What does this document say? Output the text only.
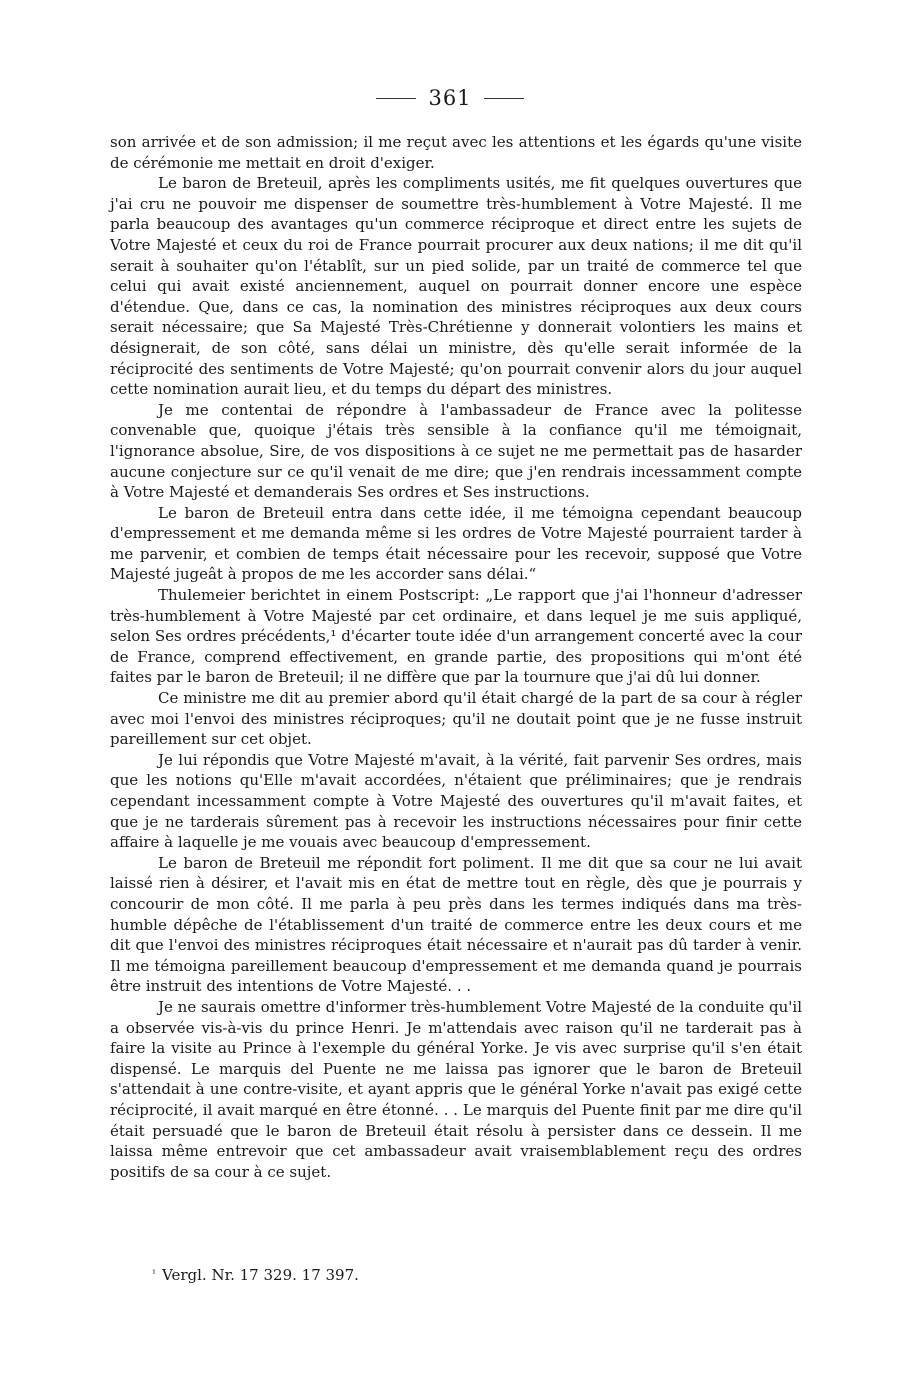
361

son arrivée et de son admission; il me reçut avec les attentions et les égards qu'une visite de cérémonie me mettait en droit d'exiger.

Le baron de Breteuil, après les compliments usités, me fit quelques ouvertures que j'ai cru ne pouvoir me dispenser de soumettre très-humblement à Votre Majesté. Il me parla beaucoup des avantages qu'un commerce réciproque et direct entre les sujets de Votre Majesté et ceux du roi de France pourrait procurer aux deux nations; il me dit qu'il serait à souhaiter qu'on l'établît, sur un pied solide, par un traité de commerce tel que celui qui avait existé anciennement, auquel on pourrait donner encore une espèce d'étendue. Que, dans ce cas, la nomination des ministres réciproques aux deux cours serait nécessaire; que Sa Majesté Très-Chrétienne y donnerait volontiers les mains et désignerait, de son côté, sans délai un ministre, dès qu'elle serait informée de la réciprocité des sentiments de Votre Majesté; qu'on pourrait convenir alors du jour auquel cette nomination aurait lieu, et du temps du départ des ministres.

Je me contentai de répondre à l'ambassadeur de France avec la politesse convenable que, quoique j'étais très sensible à la confiance qu'il me témoignait, l'ignorance absolue, Sire, de vos dispositions à ce sujet ne me permettait pas de hasarder aucune conjecture sur ce qu'il venait de me dire; que j'en rendrais incessamment compte à Votre Majesté et demanderais Ses ordres et Ses instructions.

Le baron de Breteuil entra dans cette idée, il me témoigna cependant beaucoup d'empressement et me demanda même si les ordres de Votre Majesté pourraient tarder à me parvenir, et combien de temps était nécessaire pour les recevoir, supposé que Votre Majesté jugeât à propos de me les accorder sans délai.“

Thulemeier berichtet in einem Postscript: „Le rapport que j'ai l'honneur d'adresser très-humblement à Votre Majesté par cet ordinaire, et dans lequel je me suis appliqué, selon Ses ordres précédents,¹ d'écarter toute idée d'un arrangement concerté avec la cour de France, comprend effectivement, en grande partie, des propositions qui m'ont été faites par le baron de Breteuil; il ne diffère que par la tournure que j'ai dû lui donner.

Ce ministre me dit au premier abord qu'il était chargé de la part de sa cour à régler avec moi l'envoi des ministres réciproques; qu'il ne doutait point que je ne fusse instruit pareillement sur cet objet.

Je lui répondis que Votre Majesté m'avait, à la vérité, fait parvenir Ses ordres, mais que les notions qu'Elle m'avait accordées, n'étaient que préliminaires; que je rendrais cependant incessamment compte à Votre Majesté des ouvertures qu'il m'avait faites, et que je ne tarderais sûrement pas à recevoir les instructions nécessaires pour finir cette affaire à laquelle je me vouais avec beaucoup d'empressement.

Le baron de Breteuil me répondit fort poliment. Il me dit que sa cour ne lui avait laissé rien à désirer, et l'avait mis en état de mettre tout en règle, dès que je pourrais y concourir de mon côté. Il me parla à peu près dans les termes indiqués dans ma très-humble dépêche de l'établissement d'un traité de commerce entre les deux cours et me dit que l'envoi des ministres réciproques était nécessaire et n'aurait pas dû tarder à venir. Il me témoigna pareillement beaucoup d'empressement et me demanda quand je pourrais être instruit des intentions de Votre Majesté. . .

Je ne saurais omettre d'informer très-humblement Votre Majesté de la conduite qu'il a observée vis-à-vis du prince Henri. Je m'attendais avec raison qu'il ne tarderait pas à faire la visite au Prince à l'exemple du général Yorke. Je vis avec surprise qu'il s'en était dispensé. Le marquis del Puente ne me laissa pas ignorer que le baron de Breteuil s'attendait à une contre-visite, et ayant appris que le général Yorke n'avait pas exigé cette réciprocité, il avait marqué en être étonné. . . Le marquis del Puente finit par me dire qu'il était persuadé que le baron de Breteuil était résolu à persister dans ce dessein. Il me laissa même entrevoir que cet ambassadeur avait vraisemblablement reçu des ordres positifs de sa cour à ce sujet.

$^{^1}$ Vergl. Nr. 17 329. 17 397.
